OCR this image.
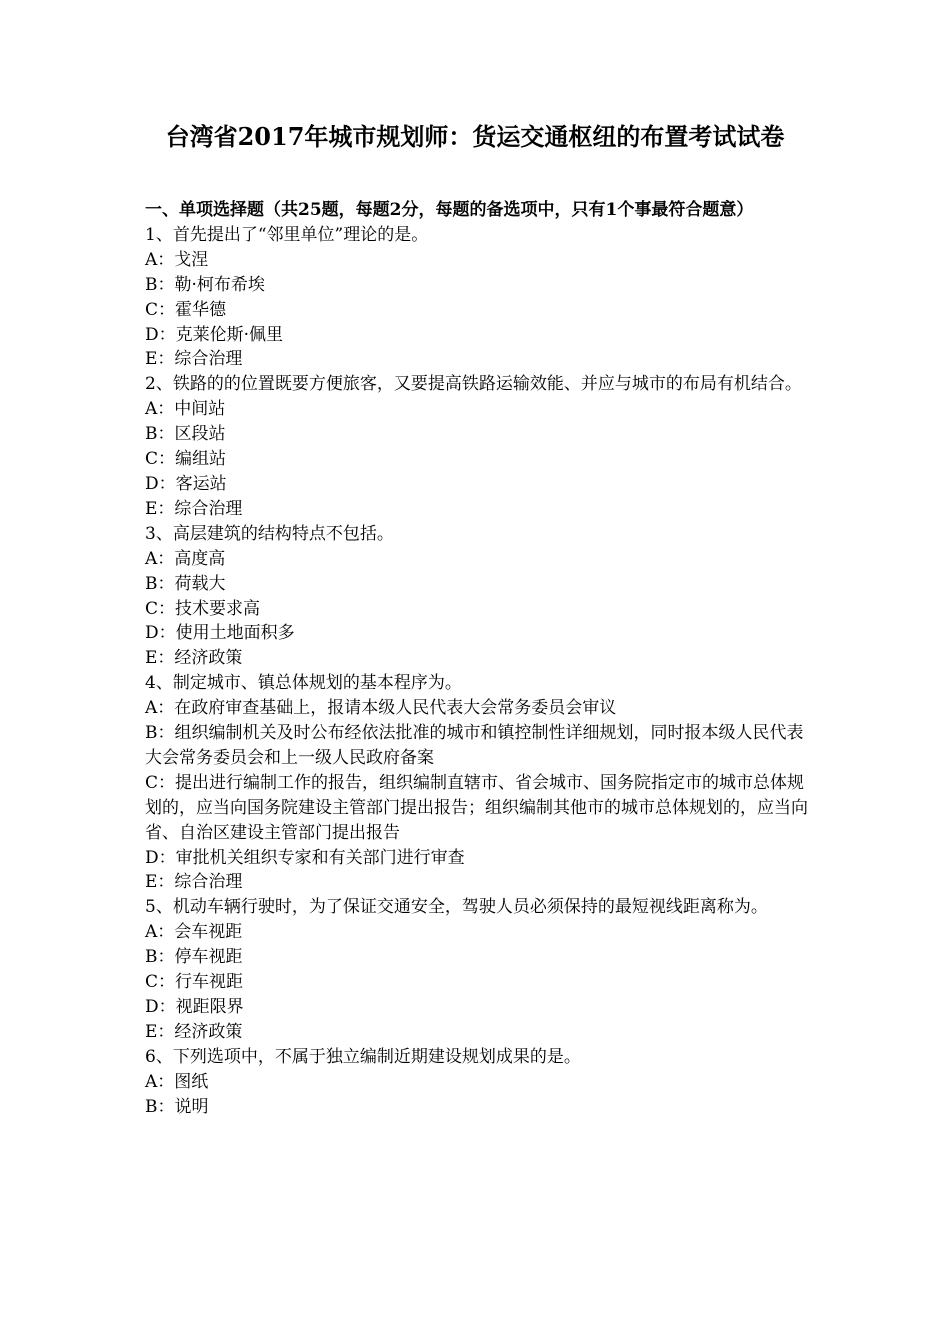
台湾省2017年城市规划师：货运交通枢纽的布置考试试卷
一、单项选择题（共25题，每题2分，每题的备选项中，只有1个事最符合题意）

1、首先提出了“邻里单位”理论的是。

A：戈涅

B：勒·柯布希埃

C：霍华德

D：克莱伦斯·佩里

E：综合治理

2、铁路的的位置既要方便旅客，又要提高铁路运输效能、并应与城市的布局有机结合。

A：中间站

B：区段站

C：编组站

D：客运站

E：综合治理

3、高层建筑的结构特点不包括。

A：高度高

B：荷载大

C：技术要求高

D：使用土地面积多

E：经济政策

4、制定城市、镇总体规划的基本程序为。

A：在政府审查基础上，报请本级人民代表大会常务委员会审议

B：组织编制机关及时公布经依法批准的城市和镇控制性详细规划，同时报本级人民代表大会常务委员会和上一级人民政府备案

C：提出进行编制工作的报告，组织编制直辖市、省会城市、国务院指定市的城市总体规划的，应当向国务院建设主管部门提出报告；组织编制其他市的城市总体规划的，应当向省、自治区建设主管部门提出报告

D：审批机关组织专家和有关部门进行审查

E：综合治理

5、机动车辆行驶时，为了保证交通安全，驾驶人员必须保持的最短视线距离称为。

A：会车视距

B：停车视距

C：行车视距

D：视距限界

E：经济政策

6、下列选项中，不属于独立编制近期建设规划成果的是。

A：图纸

B：说明
